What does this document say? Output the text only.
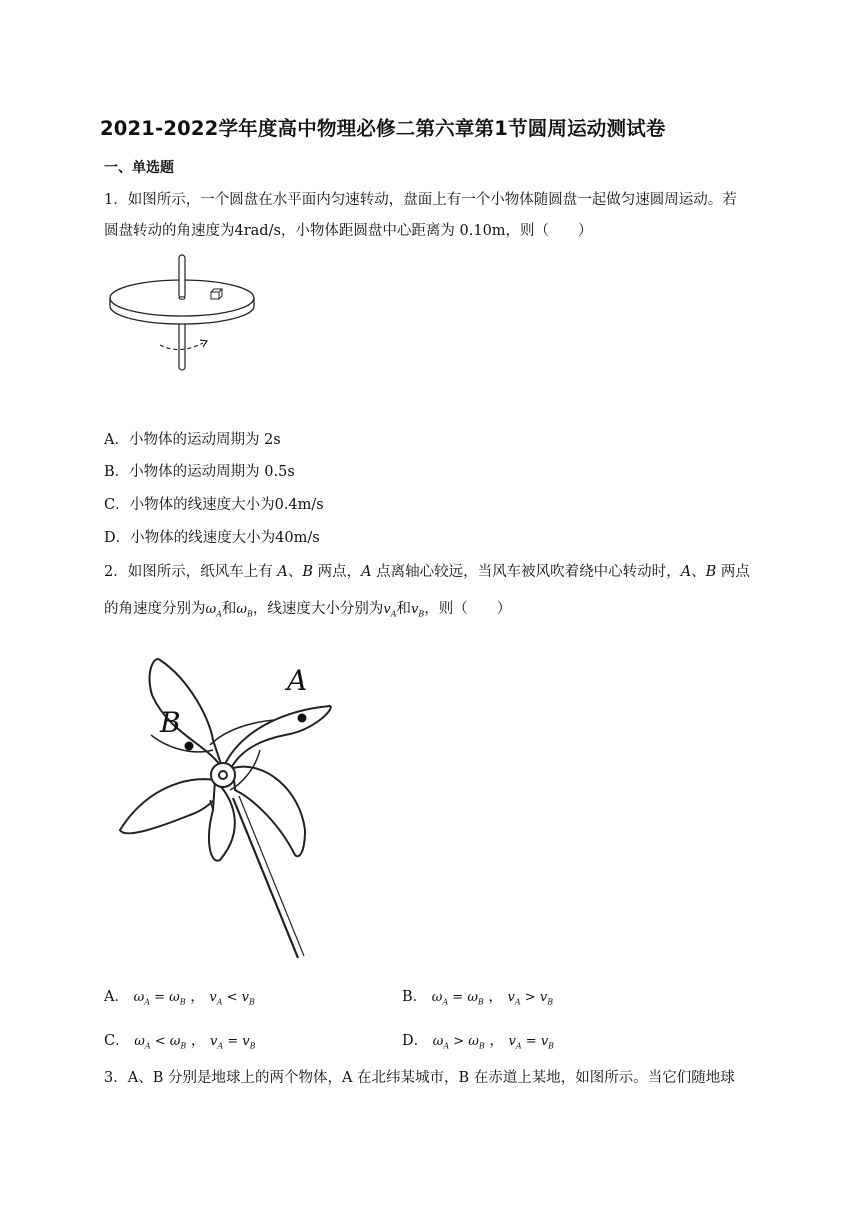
2021-2022学年度高中物理必修二第六章第1节圆周运动测试卷
一、单选题
1．如图所示，一个圆盘在水平面内匀速转动，盘面上有一个小物体随圆盘一起做匀速圆周运动。若
圆盘转动的角速度为4rad/s，小物体距圆盘中心距离为 0.10m，则（　　）
A．小物体的运动周期为 2s
B．小物体的运动周期为 0.5s
C．小物体的线速度大小为0.4m/s
D．小物体的线速度大小为40m/s
2．如图所示，纸风车上有 A、B 两点，A 点离轴心较远，当风车被风吹着绕中心转动时，A、B 两点
的角速度分别为$\omega_A$和$\omega_B$，线速度大小分别为$v_A$和$v_B$，则（　　）
A
B
A． $\omega_A = \omega_B$ ， $v_A < v_B$	B． $\omega_A = \omega_B$ ， $v_A > v_B$
C． $\omega_A < \omega_B$ ， $v_A = v_B$	D． $\omega_A > \omega_B$ ， $v_A = v_B$
3．A、B 分别是地球上的两个物体，A 在北纬某城市，B 在赤道上某地，如图所示。当它们随地球
